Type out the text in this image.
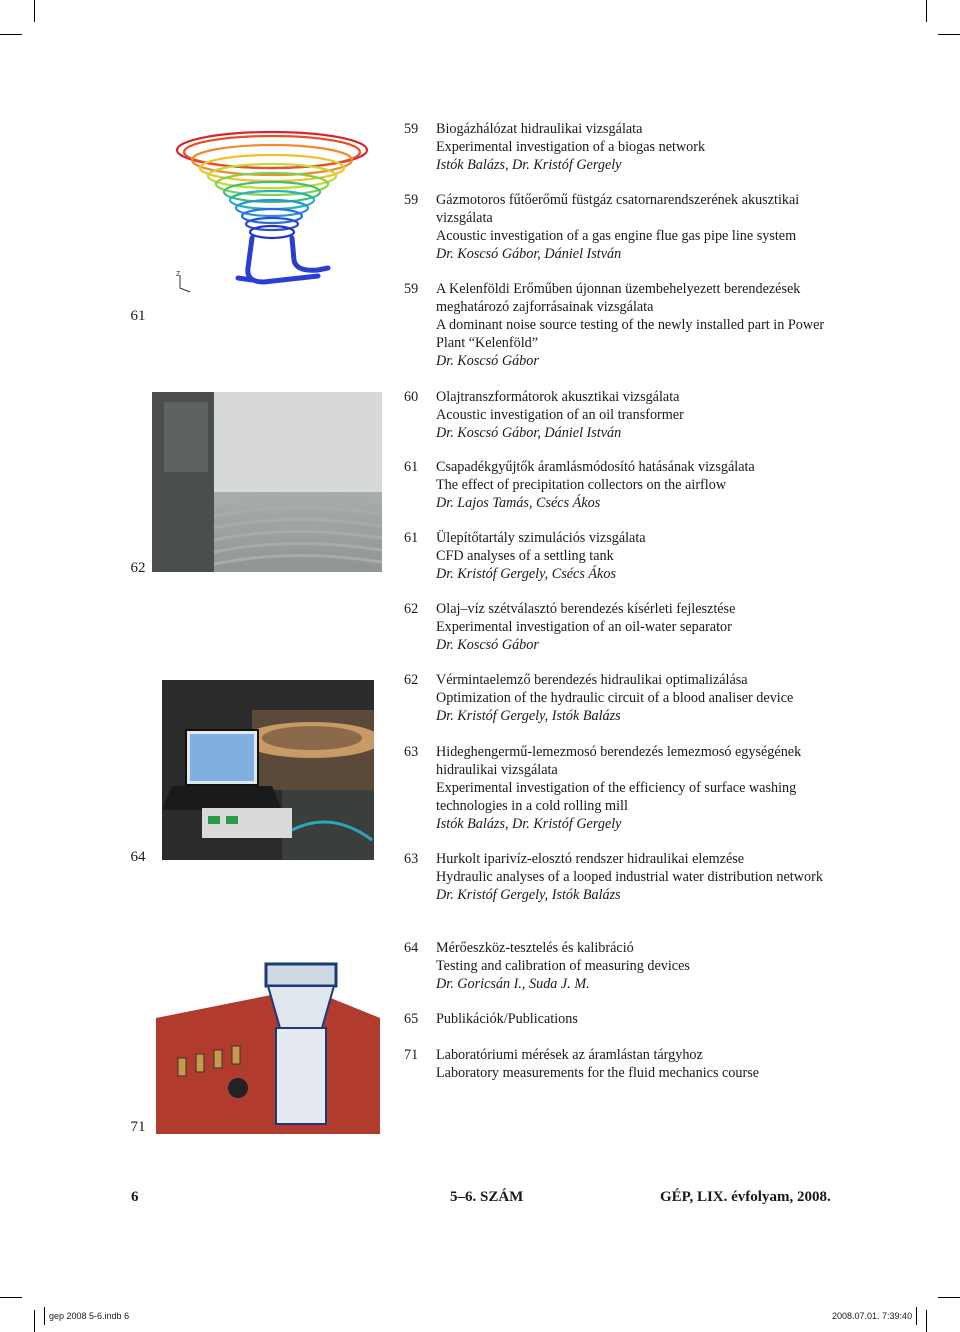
61
62
64
71
Z
59 Biogázhálózat hidraulikai vizsgálata
Experimental investigation of a biogas network
Istók Balázs, Dr. Kristóf Gergely
59 Gázmotoros fűtőerőmű füstgáz csatornarendszerének akusztikai vizsgálata
Acoustic investigation of a gas engine flue gas pipe line system
Dr. Koscsó Gábor, Dániel István
59 A Kelenföldi Erőműben újonnan üzembehelyezett berendezések meghatározó zajforrásainak vizsgálata
A dominant noise source testing of the newly installed part in Power Plant “Kelenföld”
Dr. Koscsó Gábor
60 Olajtranszformátorok akusztikai vizsgálata
Acoustic investigation of an oil transformer
Dr. Koscsó Gábor, Dániel István
61 Csapadékgyűjtők áramlásmódosító hatásának vizsgálata
The effect of precipitation collectors on the airflow
Dr. Lajos Tamás, Csécs Ákos
61 Ülepítőtartály szimulációs vizsgálata
CFD analyses of a settling tank
Dr. Kristóf Gergely, Csécs Ákos
62 Olaj–víz szétválasztó berendezés kísérleti fejlesztése
Experimental investigation of an oil-water separator
Dr. Koscsó Gábor
62 Vérmintaelemző berendezés hidraulikai optimalizálása
Optimization of the hydraulic circuit of a blood analiser device
Dr. Kristóf Gergely, Istók Balázs
63 Hideghengermű-lemezmosó berendezés lemezmosó egységének hidraulikai vizsgálata
Experimental investigation of the efficiency of surface washing technologies in a cold rolling mill
Istók Balázs, Dr. Kristóf Gergely
63 Hurkolt iparivíz-elosztó rendszer hidraulikai elemzése
Hydraulic analyses of a looped industrial water distribution network
Dr. Kristóf Gergely, Istók Balázs
64 Mérőeszköz-tesztelés és kalibráció
Testing and calibration of measuring devices
Dr. Goricsán I., Suda J. M.
65 Publikációk/Publications
71 Laboratóriumi mérések az áramlástan tárgyhoz
Laboratory measurements for the fluid mechanics course
6	5–6. SZÁM	GÉP, LIX. évfolyam, 2008.
gep 2008 5-6.indb 6	2008.07.01. 7:39:40
